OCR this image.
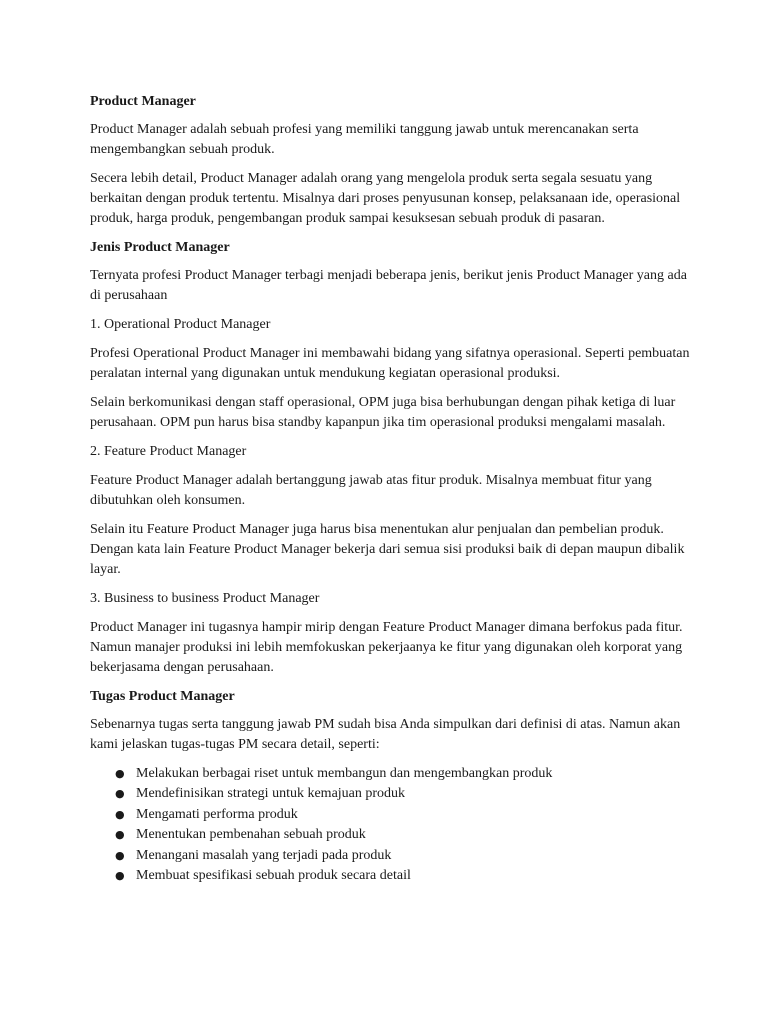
Product Manager

Product Manager adalah sebuah profesi yang memiliki tanggung jawab untuk merencanakan serta mengembangkan sebuah produk.

Secera lebih detail, Product Manager adalah orang yang mengelola produk serta segala sesuatu yang berkaitan dengan produk tertentu. Misalnya dari proses penyusunan konsep, pelaksanaan ide, operasional produk, harga produk, pengembangan produk sampai kesuksesan sebuah produk di pasaran.

Jenis Product Manager

Ternyata profesi Product Manager terbagi menjadi beberapa jenis, berikut jenis Product Manager yang ada di perusahaan

1. Operational Product Manager

Profesi Operational Product Manager ini membawahi bidang yang sifatnya operasional. Seperti pembuatan peralatan internal yang digunakan untuk mendukung kegiatan operasional produksi.

Selain berkomunikasi dengan staff operasional, OPM juga bisa berhubungan dengan pihak ketiga di luar perusahaan. OPM pun harus bisa standby kapanpun jika tim operasional produksi mengalami masalah.

2. Feature Product Manager

Feature Product Manager adalah bertanggung jawab atas fitur produk. Misalnya membuat fitur yang dibutuhkan oleh konsumen.

Selain itu Feature Product Manager juga harus bisa menentukan alur penjualan dan pembelian produk. Dengan kata lain Feature Product Manager bekerja dari semua sisi produksi baik di depan maupun dibalik layar.

3. Business to business Product Manager

Product Manager ini tugasnya hampir mirip dengan Feature Product Manager dimana berfokus pada fitur. Namun manajer produksi ini lebih memfokuskan pekerjaanya ke fitur yang digunakan oleh korporat yang bekerjasama dengan perusahaan.

Tugas Product Manager

Sebenarnya tugas serta tanggung jawab PM sudah bisa Anda simpulkan dari definisi di atas. Namun akan kami jelaskan tugas-tugas PM secara detail, seperti:

● Melakukan berbagai riset untuk membangun dan mengembangkan produk
● Mendefinisikan strategi untuk kemajuan produk
● Mengamati performa produk
● Menentukan pembenahan sebuah produk
● Menangani masalah yang terjadi pada produk
● Membuat spesifikasi sebuah produk secara detail
